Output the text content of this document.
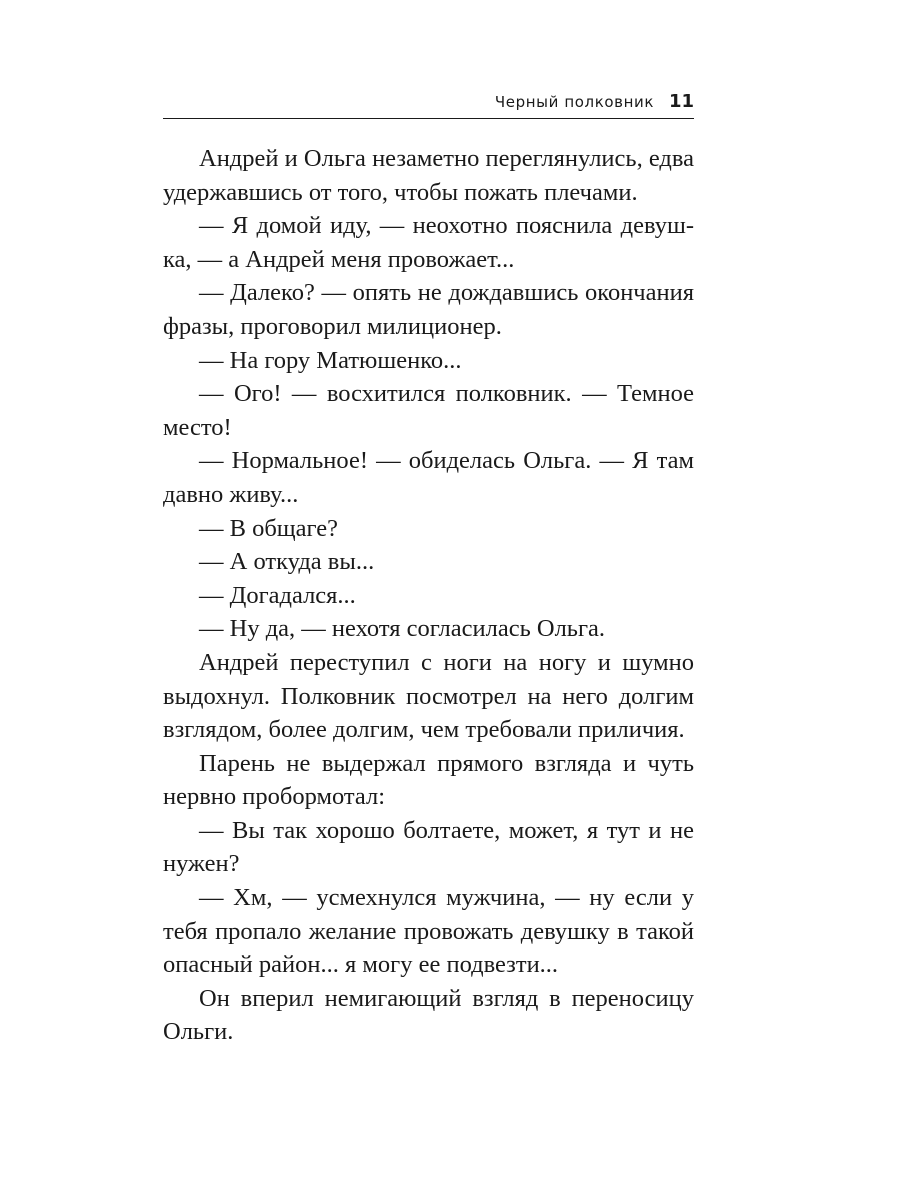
Черный полковник 11

Андрей и Ольга незаметно переглянулись, едва удержавшись от того, чтобы пожать плечами.

— Я домой иду, — неохотно пояснила девушка, — а Андрей меня провожает...

— Далеко? — опять не дождавшись окончания фразы, проговорил милиционер.

— На гору Матюшенко...

— Ого! — восхитился полковник. — Темное место!

— Нормальное! — обиделась Ольга. — Я там давно живу...

— В общаге?

— А откуда вы...

— Догадался...

— Ну да, — нехотя согласилась Ольга.

Андрей переступил с ноги на ногу и шумно выдохнул. Полковник посмотрел на него долгим взглядом, более долгим, чем требовали приличия.

Парень не выдержал прямого взгляда и чуть нервно пробормотал:

— Вы так хорошо болтаете, может, я тут и не нужен?

— Хм, — усмехнулся мужчина, — ну если у тебя пропало желание провожать девушку в такой опасный район... я могу ее подвезти...

Он вперил немигающий взгляд в переносицу Ольги.
